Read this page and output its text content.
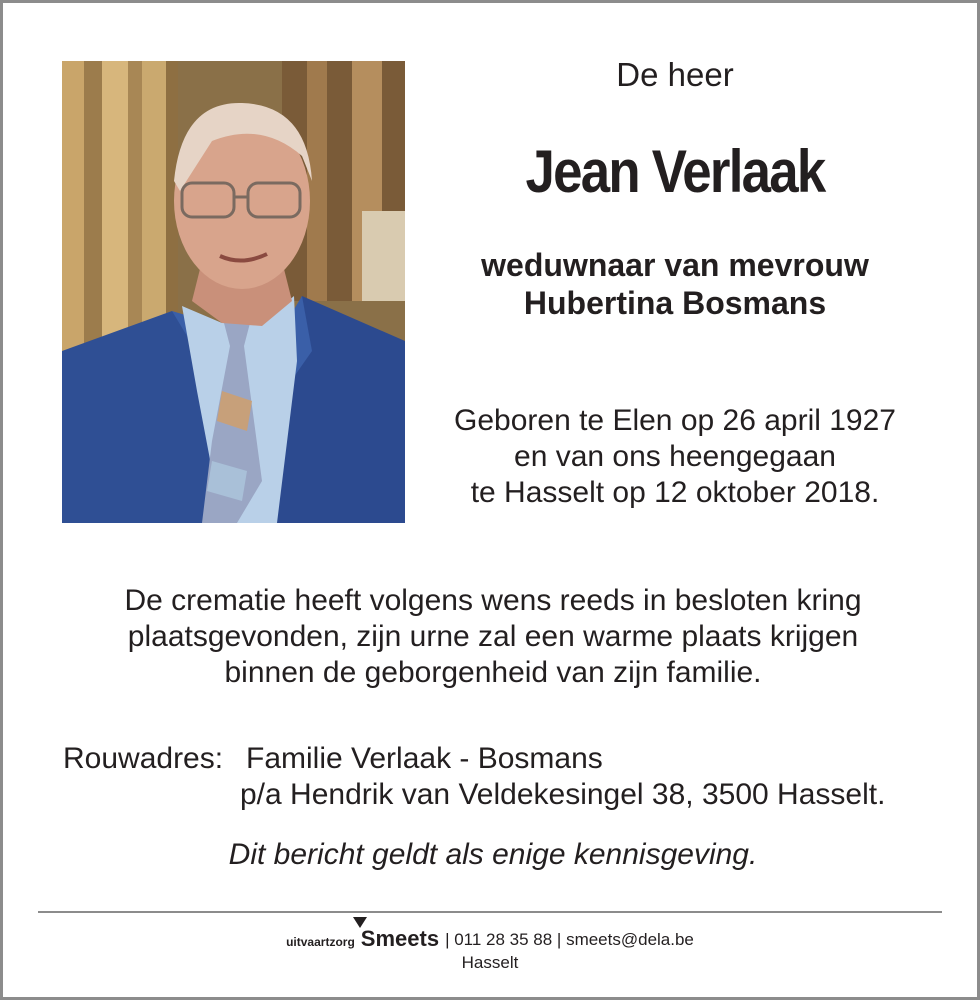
De heer
Jean Verlaak
weduwnaar van mevrouw
Hubertina Bosmans
Geboren te Elen op 26 april 1927
en van ons heengegaan
te Hasselt op 12 oktober 2018.
De crematie heeft volgens wens reeds in besloten kring
plaatsgevonden, zijn urne zal een warme plaats krijgen
binnen de geborgenheid van zijn familie.
Rouwadres: Familie Verlaak - Bosmans
p/a Hendrik van Veldekesingel 38, 3500 Hasselt.
Dit bericht geldt als enige kennisgeving.
uitvaartzorg Smeets | 011 28 35 88 | smeets@dela.be
Hasselt
